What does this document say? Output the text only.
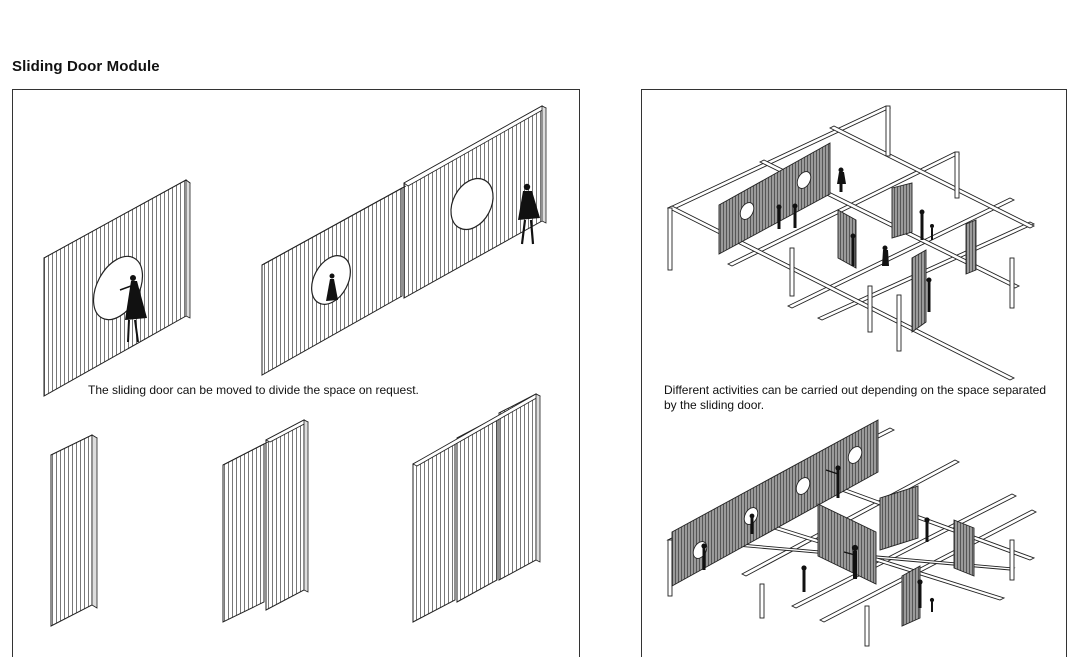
Sliding Door Module
The sliding door can be moved to divide the space on request.	Different activities can be carried out depending on the space separated by the sliding door.
